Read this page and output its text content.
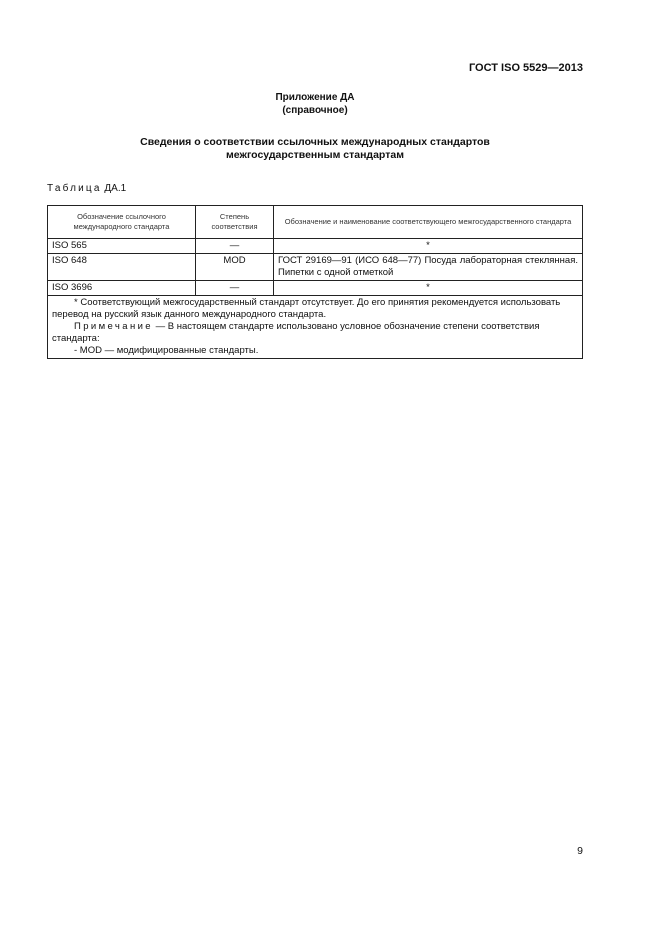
ГОСТ ISO 5529—2013
Приложение ДА
(справочное)
Сведения о соответствии ссылочных международных стандартов
межгосударственным стандартам
Таблица ДА.1
Обозначение ссылочного международного стандарта	Степень соответствия	Обозначение и наименование соответствующего межгосударственного стандарта
ISO 565	—	*
ISO 648	MOD	ГОСТ 29169—91 (ИСО 648—77) Посуда лабораторная стеклянная. Пипетки с одной отметкой
ISO 3696	—	*

* Соответствующий межгосударственный стандарт отсутствует. До его принятия рекомендуется использовать перевод на русский язык данного международного стандарта.
Примечание — В настоящем стандарте использовано условное обозначение степени соответствия стандарта:
- MOD — модифицированные стандарты.		
9
